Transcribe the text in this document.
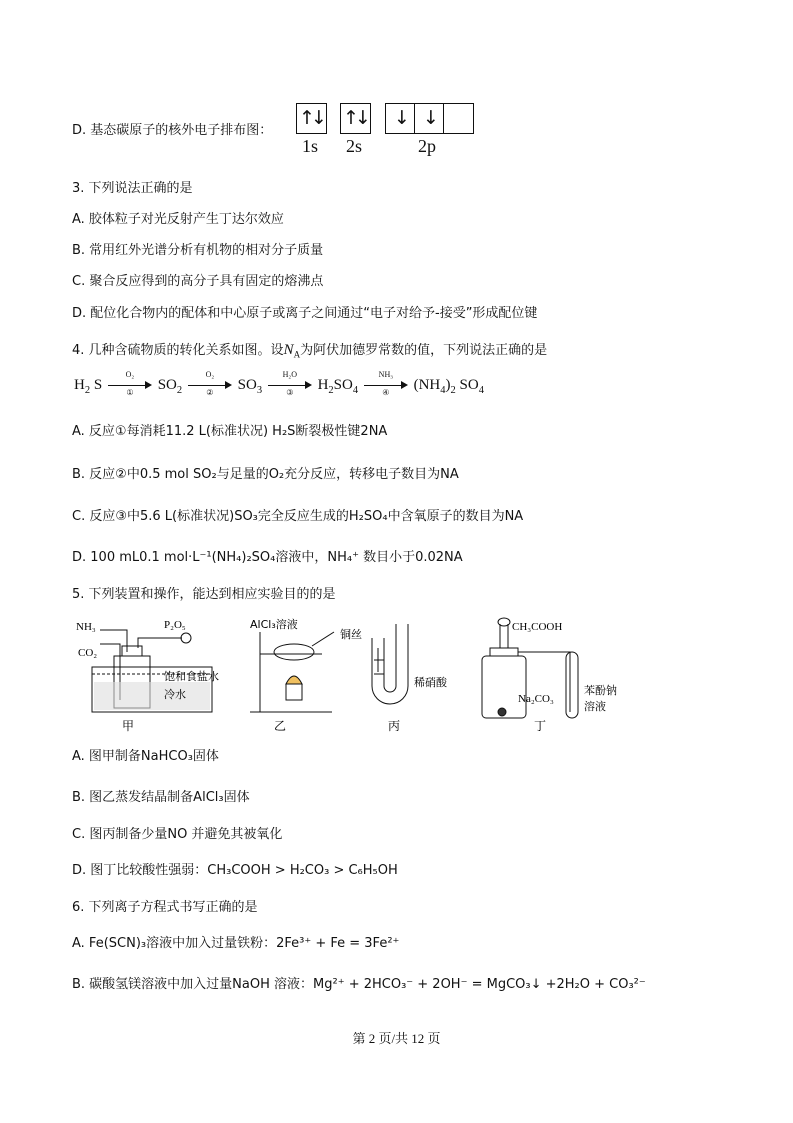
D. 基态碳原子的核外电子排布图：
↑↓ ↑↓	↓ ↓
1s 2s	2p
3. 下列说法正确的是
A. 胶体粒子对光反射产生丁达尔效应
B. 常用红外光谱分析有机物的相对分子质量
C. 聚合反应得到的高分子具有固定的熔沸点
D. 配位化合物内的配体和中心原子或离子之间通过“电子对给予-接受”形成配位键
4. 几种含硫物质的转化关系如图。设$N_A$为阿伏加德罗常数的值，下列说法正确的是
$H_2$ S
O₂
①	$SO_2$
O₂
②	$SO_3$
H₂O
③	$H_2SO_4$
NH₃
④	$(NH_4)_2$ $SO_4$
A. 反应①每消耗11.2 L(标准状况) H₂S断裂极性键2NA
B. 反应②中0.5 mol SO₂与足量的O₂充分反应，转移电子数目为NA
C. 反应③中5.6 L(标准状况)SO₃完全反应生成的H₂SO₄中含氧原子的数目为NA
D. 100 mL0.1 mol·L⁻¹(NH₄)₂SO₄溶液中，NH₄⁺ 数目小于0.02NA
5. 下列装置和操作，能达到相应实验目的的是
NH₃
CO₂
P₂O₅
饱和食盐水
冷水
甲
AlCl₃溶液
乙
铜丝
稀硝酸
丙
CH₃COOH
Na₂CO₃
苯酚钠
溶液
丁
A. 图甲制备NaHCO₃固体
B. 图乙蒸发结晶制备AlCl₃固体
C. 图丙制备少量NO 并避免其被氧化
D. 图丁比较酸性强弱：CH₃COOH > H₂CO₃ > C₆H₅OH
6. 下列离子方程式书写正确的是
A. Fe(SCN)₃溶液中加入过量铁粉：2Fe³⁺ + Fe = 3Fe²⁺
B. 碳酸氢镁溶液中加入过量NaOH 溶液：Mg²⁺ + 2HCO₃⁻ + 2OH⁻ = MgCO₃↓ +2H₂O + CO₃²⁻
第 2 页/共 12 页
